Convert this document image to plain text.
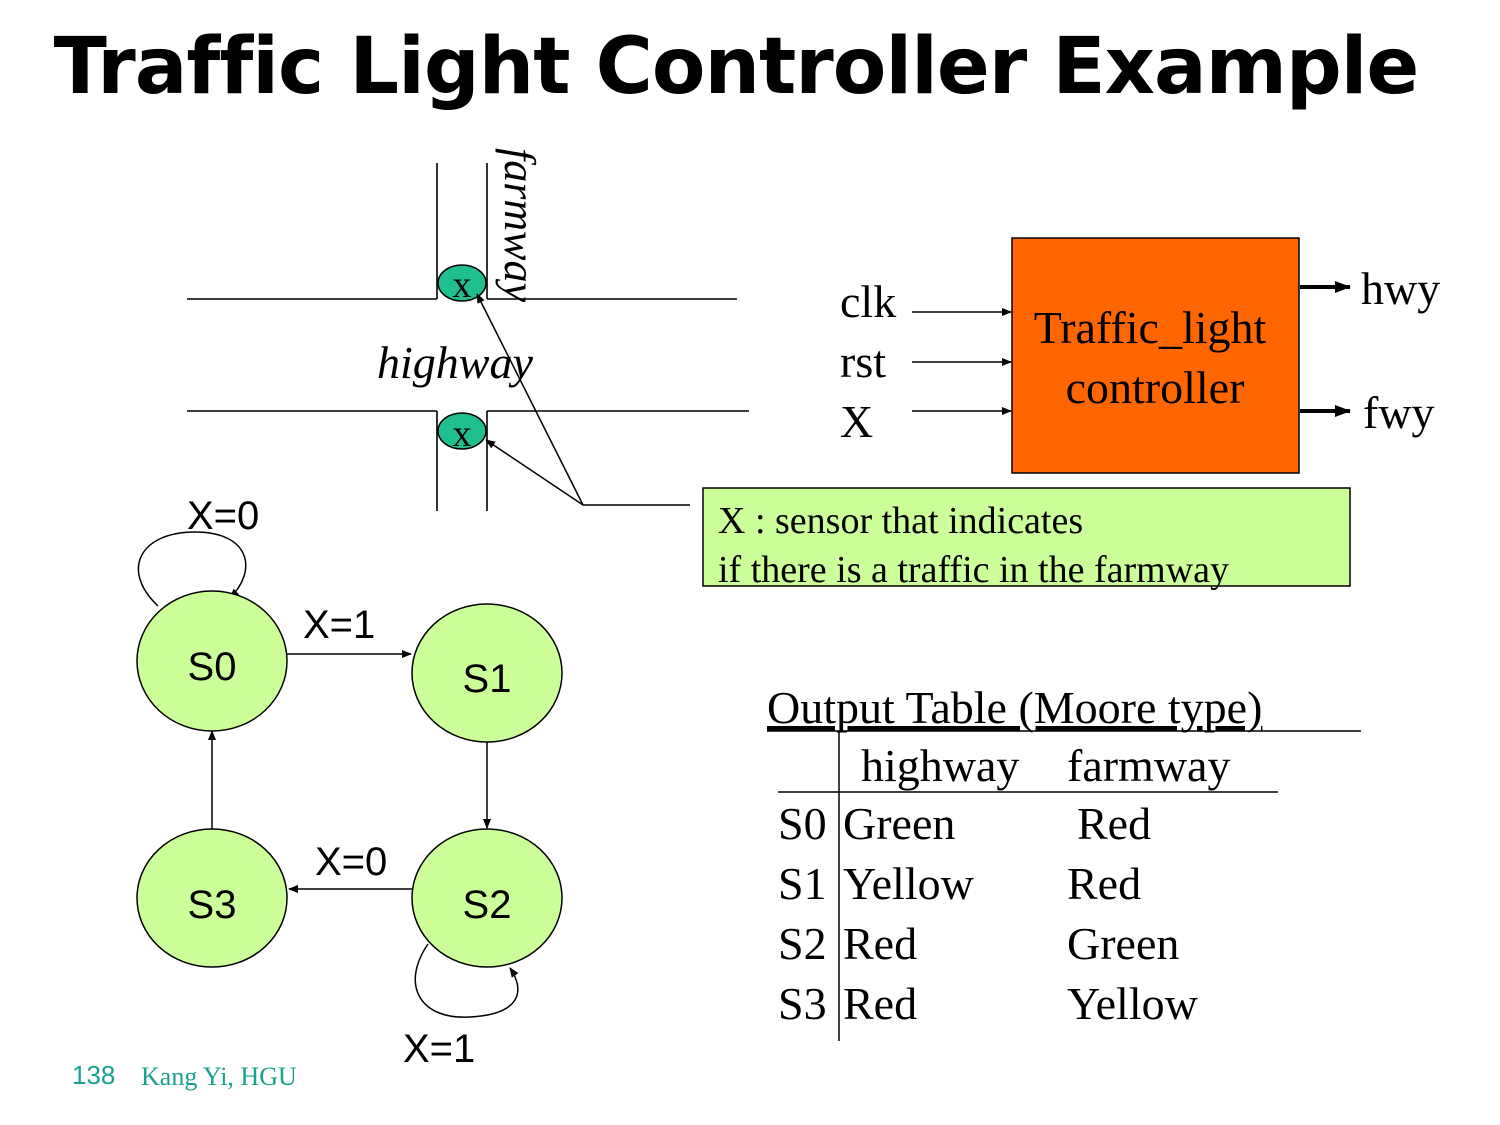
Traffic Light Controller Example
farmway
highway
x
x
Traffic_light
controller
clk
rst
X
hwy
fwy
X : sensor that indicates
if there is a traffic in the farmway
S0	S1
S2
S3
X=0
X=1
X=0
X=1
Output Table (Moore type)
highway farmway
S0 Green	Red
S1 Yellow Red
S2 Red	Green
S3 Red	Yellow
138 Kang Yi, HGU
